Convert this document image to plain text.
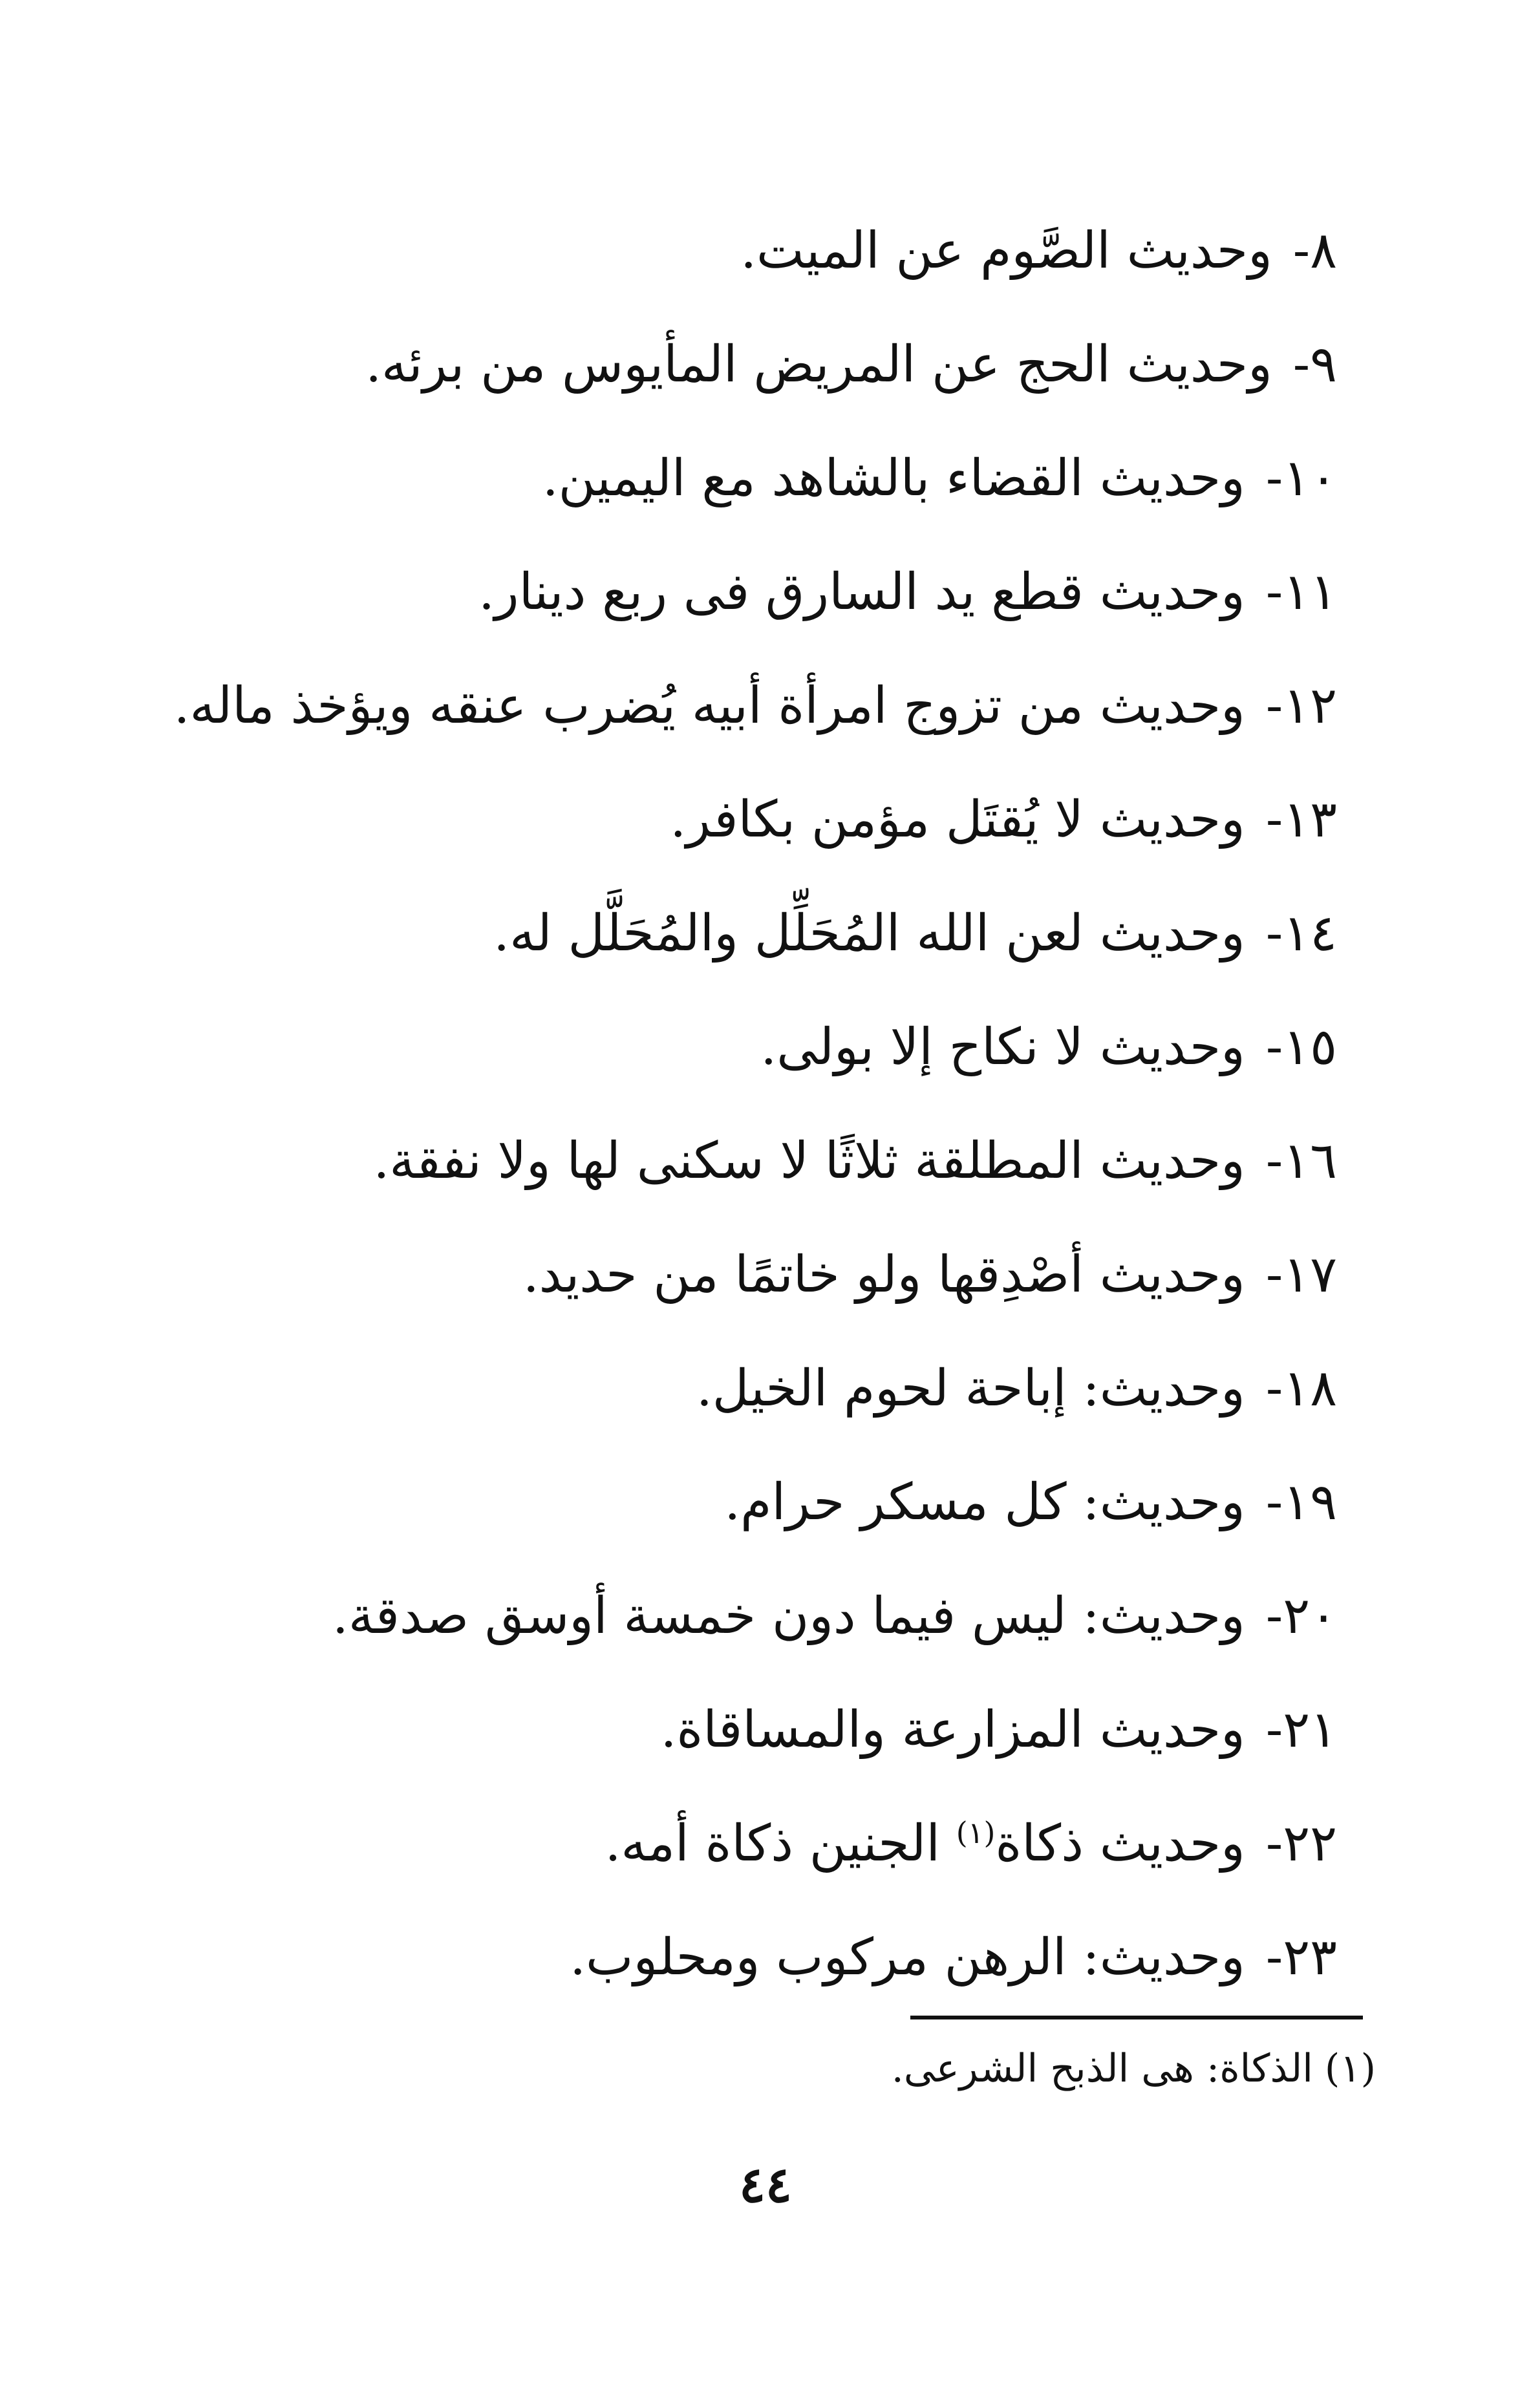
٨-وحديث الصَّوم عن الميت.
٩-وحديث الحج عن المريض المأيوس من برئه.
١٠-وحديث القضاء بالشاهد مع اليمين.
١١-وحديث قطع يد السارق فى ربع دينار.
١٢-وحديث من تزوج امرأة أبيه يُضرب عنقه ويؤخذ ماله.
١٣-وحديث لا يُقتَل مؤمن بكافر.
١٤-وحديث لعن الله المُحَلِّل والمُحَلَّل له.
١٥-وحديث لا نكاح إلا بولى.
١٦-وحديث المطلقة ثلاثًا لا سكنى لها ولا نفقة.
١٧-وحديث أصْدِقها ولو خاتمًا من حديد.
١٨-وحديث: إباحة لحوم الخيل.
١٩-وحديث: كل مسكر حرام.
٢٠-وحديث: ليس فيما دون خمسة أوسق صدقة.
٢١-وحديث المزارعة والمساقاة.
٢٢-وحديث ذكاة$^{(١)}$ الجنين ذكاة أمه.
٢٣-وحديث: الرهن مركوب ومحلوب.
(١)الذكاة: هى الذبح الشرعى.
٤٤
